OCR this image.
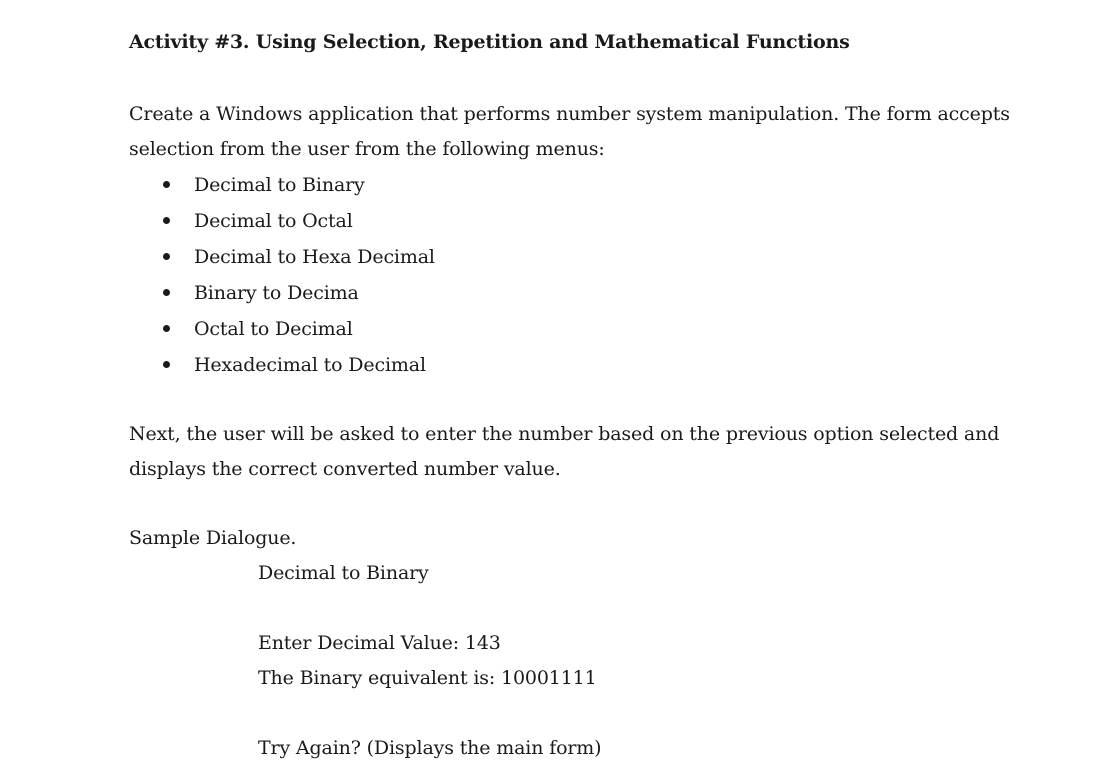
Activity #3. Using Selection, Repetition and Mathematical Functions

Create a Windows application that performs number system manipulation. The form accepts selection from the user from the following menus:

Decimal to Binary
Decimal to Octal
Decimal to Hexa Decimal
Binary to Decima
Octal to Decimal
Hexadecimal to Decimal

Next, the user will be asked to enter the number based on the previous option selected and displays the correct converted number value.

Sample Dialogue.

Decimal to Binary
Enter Decimal Value: 143
The Binary equivalent is: 10001111
Try Again? (Displays the main form)
